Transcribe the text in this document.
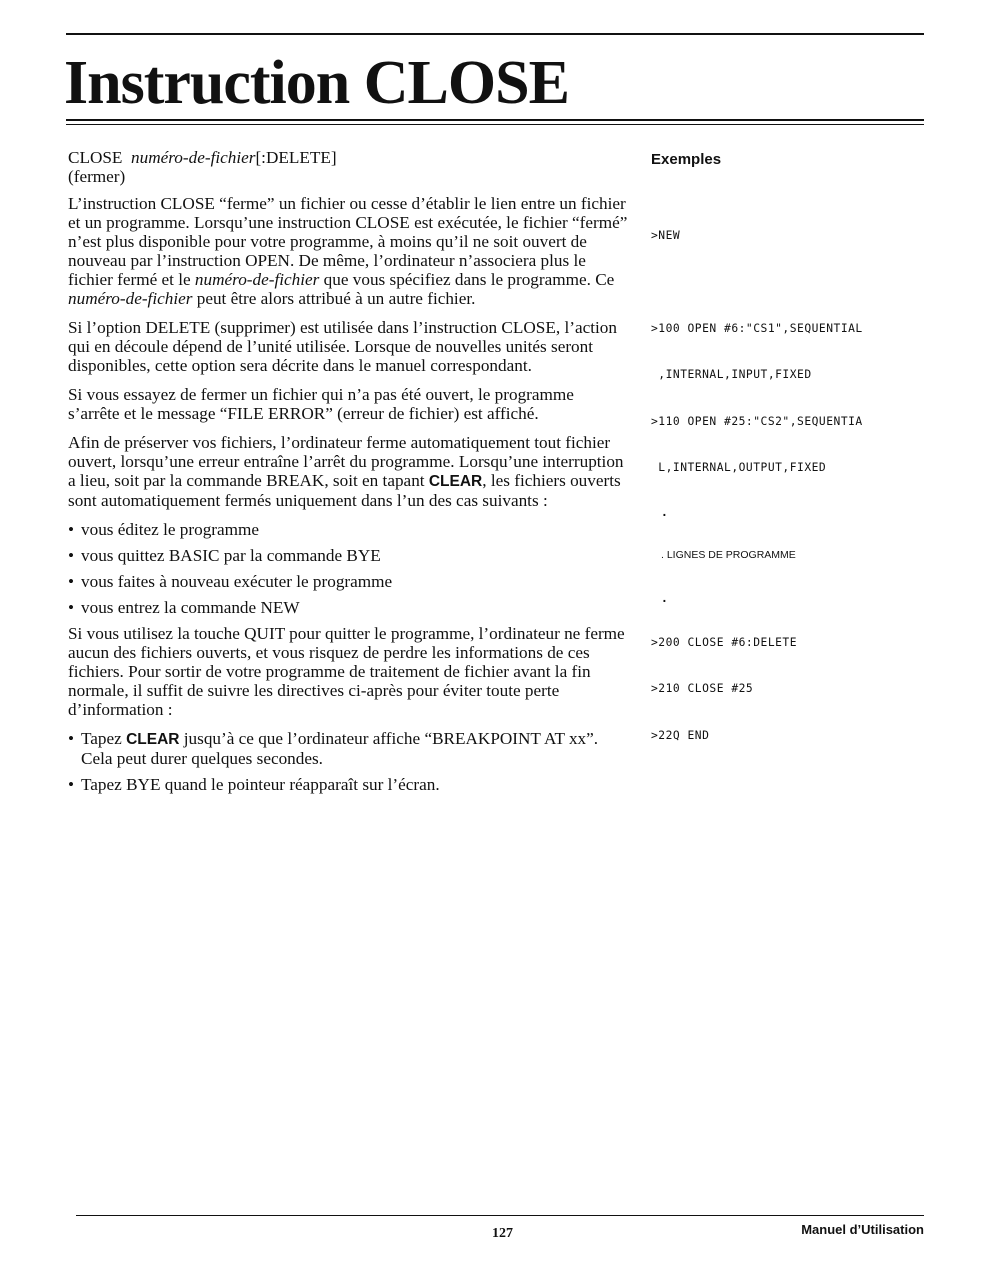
Instruction CLOSE
CLOSE numéro-de-fichier[:DELETE]
(fermer)

L’instruction CLOSE “ferme” un fichier ou cesse d’établir le lien entre un fichier et un programme. Lorsqu’une instruction CLOSE est exécutée, le fichier “fermé” n’est plus disponible pour votre programme, à moins qu’il ne soit ouvert de nouveau par l’instruction OPEN. De même, l’ordinateur n’associera plus le fichier fermé et le numéro-de-fichier que vous spécifiez dans le programme. Ce numéro-de-fichier peut être alors attribué à un autre fichier.

Si l’option DELETE (supprimer) est utilisée dans l’instruction CLOSE, l’action qui en découle dépend de l’unité utilisée. Lorsque de nouvelles unités seront disponibles, cette option sera décrite dans le manuel correspondant.

Si vous essayez de fermer un fichier qui n’a pas été ouvert, le programme s’arrête et le message “FILE ERROR” (erreur de fichier) est affiché.

Afin de préserver vos fichiers, l’ordinateur ferme automatiquement tout fichier ouvert, lorsqu’une erreur entraîne l’arrêt du programme. Lorsqu’une interruption a lieu, soit par la commande BREAK, soit en tapant CLEAR, les fichiers ouverts sont automatiquement fermés uniquement dans l’un des cas suivants :

• vous éditez le programme
• vous quittez BASIC par la commande BYE
• vous faites à nouveau exécuter le programme
• vous entrez la commande NEW

Si vous utilisez la touche QUIT pour quitter le programme, l’ordinateur ne ferme aucun des fichiers ouverts, et vous risquez de perdre les informations de ces fichiers. Pour sortir de votre programme de traitement de fichier avant la fin normale, il suffit de suivre les directives ci-après pour éviter toute perte d’information :

• Tapez CLEAR jusqu’à ce que l’ordinateur affiche “BREAKPOINT AT xx”. Cela peut durer quelques secondes.
• Tapez BYE quand le pointeur réapparaît sur l’écran.
Exemples

>NEW

>100 OPEN #6:"CS1",SEQUENTIAL

,INTERNAL,INPUT,FIXED

>110 OPEN #25:"CS2",SEQUENTIA

L,INTERNAL,OUTPUT,FIXED

.

. LIGNES DE PROGRAMME

.

>200 CLOSE #6:DELETE

>210 CLOSE #25

>22Q END

127	Manuel d’Utilisation
